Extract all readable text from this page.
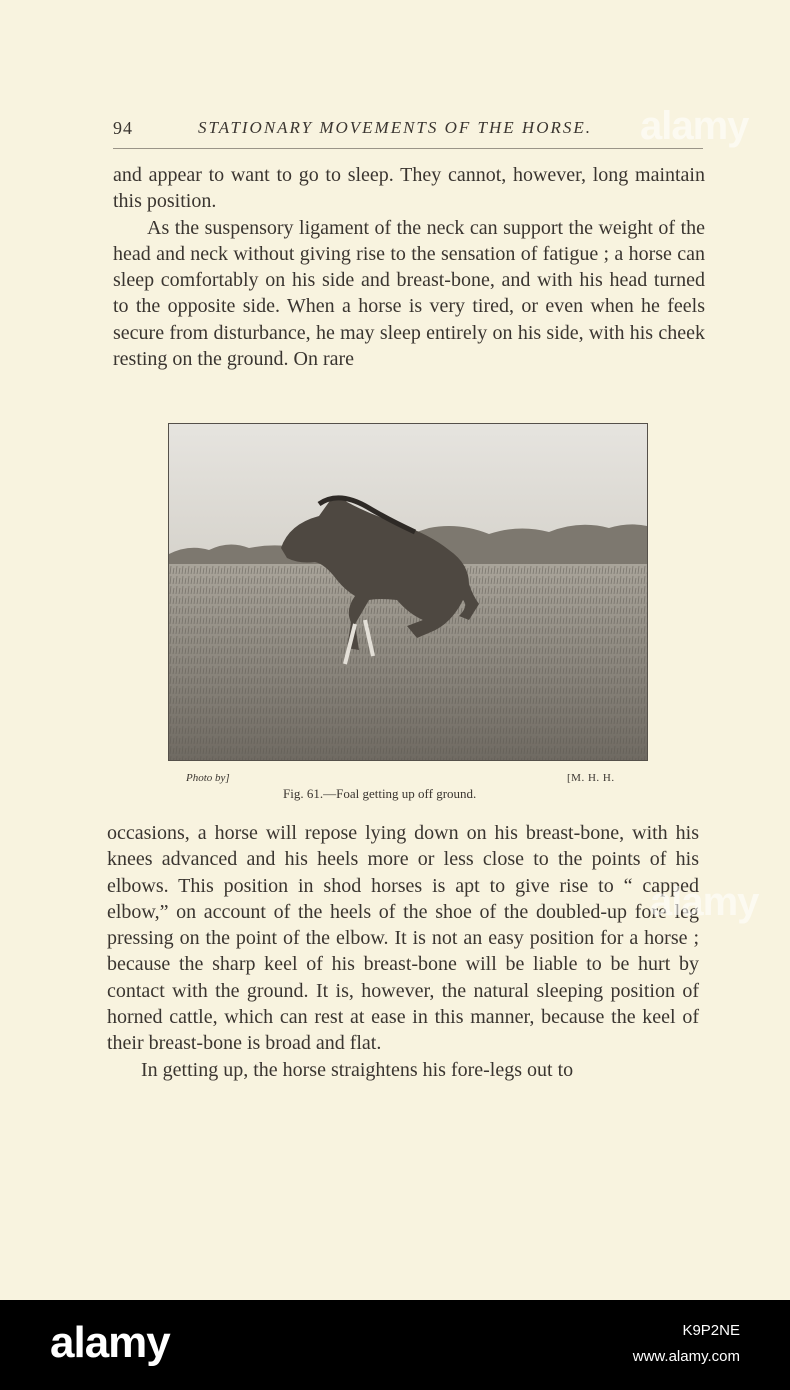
94	STATIONARY MOVEMENTS OF THE HORSE. alamy

and appear to want to go to sleep. They cannot, however, long maintain this position.

As the suspensory ligament of the neck can support the weight of the head and neck without giving rise to the sensation of fatigue ; a horse can sleep comfortably on his side and breast-bone, and with his head turned to the opposite side. When a horse is very tired, or even when he feels secure from disturbance, he may sleep entirely on his side, with his cheek resting on the ground. On rare

Photo by]	[M. H. H.
Fig. 61.—Foal getting up off ground.

occasions, a horse will repose lying down on his breast-bone, with his knees advanced and his heels more or less close to the points of his elbows. This position in shod horses is apt to give rise to “ capped elbow,” on account of the heels of the shoe of the doubled-up fore leg pressing on the point of the elbow. It is not an easy position for a horse ; because the sharp keel of his breast-bone will be liable to be hurt by contact with the ground. It is, however, the natural sleeping position of horned cattle, which can rest at ease in this manner, because the keel of their breast-bone is broad and flat.

In getting up, the horse straightens his fore-legs out to

alamy
alamy	K9P2NE
www.alamy.com
